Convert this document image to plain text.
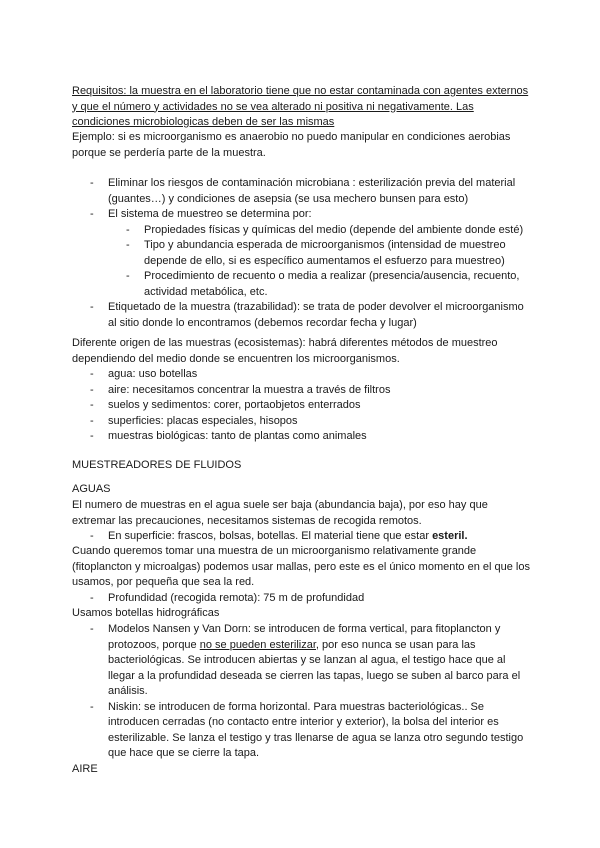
Requisitos: la muestra en el laboratorio tiene que no estar contaminada con agentes externos y que el número y actividades no se vea alterado ni positiva ni negativamente. Las condiciones microbiologicas deben de ser las mismas

Ejemplo: si es microorganismo es anaerobio no puedo manipular en condiciones aerobias porque se perdería parte de la muestra.

- Eliminar los riesgos de contaminación microbiana : esterilización previa del material (guantes…) y condiciones de asepsia (se usa mechero bunsen para esto)
- El sistema de muestreo se determina por:
- Propiedades físicas y químicas del medio (depende del ambiente donde esté)
- Tipo y abundancia esperada de microorganismos (intensidad de muestreo depende de ello, si es específico aumentamos el esfuerzo para muestreo)
- Procedimiento de recuento o media a realizar (presencia/ausencia, recuento, actividad metabólica, etc.
- Etiquetado de la muestra (trazabilidad): se trata de poder devolver el microorganismo al sitio donde lo encontramos (debemos recordar fecha y lugar)

Diferente origen de las muestras (ecosistemas): habrá diferentes métodos de muestreo dependiendo del medio donde se encuentren los microorganismos.

- agua: uso botellas
- aire: necesitamos concentrar la muestra a través de filtros
- suelos y sedimentos: corer, portaobjetos enterrados
- superficies: placas especiales, hisopos
- muestras biológicas: tanto de plantas como animales

MUESTREADORES DE FLUIDOS

AGUAS

El numero de muestras en el agua suele ser baja (abundancia baja), por eso hay que extremar las precauciones, necesitamos sistemas de recogida remotos.

- En superficie: frascos, bolsas, botellas. El material tiene que estar esteril.

Cuando queremos tomar una muestra de un microorganismo relativamente grande (fitoplancton y microalgas) podemos usar mallas, pero este es el único momento en el que los usamos, por pequeña que sea la red.

- Profundidad (recogida remota): 75 m de profundidad

Usamos botellas hidrográficas

- Modelos Nansen y Van Dorn: se introducen de forma vertical, para fitoplancton y protozoos, porque no se pueden esterilizar, por eso nunca se usan para las bacteriológicas. Se introducen abiertas y se lanzan al agua, el testigo hace que al llegar a la profundidad deseada se cierren las tapas, luego se suben al barco para el análisis.
- Niskin: se introducen de forma horizontal. Para muestras bacteriológicas.. Se introducen cerradas (no contacto entre interior y exterior), la bolsa del interior es esterilizable. Se lanza el testigo y tras llenarse de agua se lanza otro segundo testigo que hace que se cierre la tapa.

AIRE
